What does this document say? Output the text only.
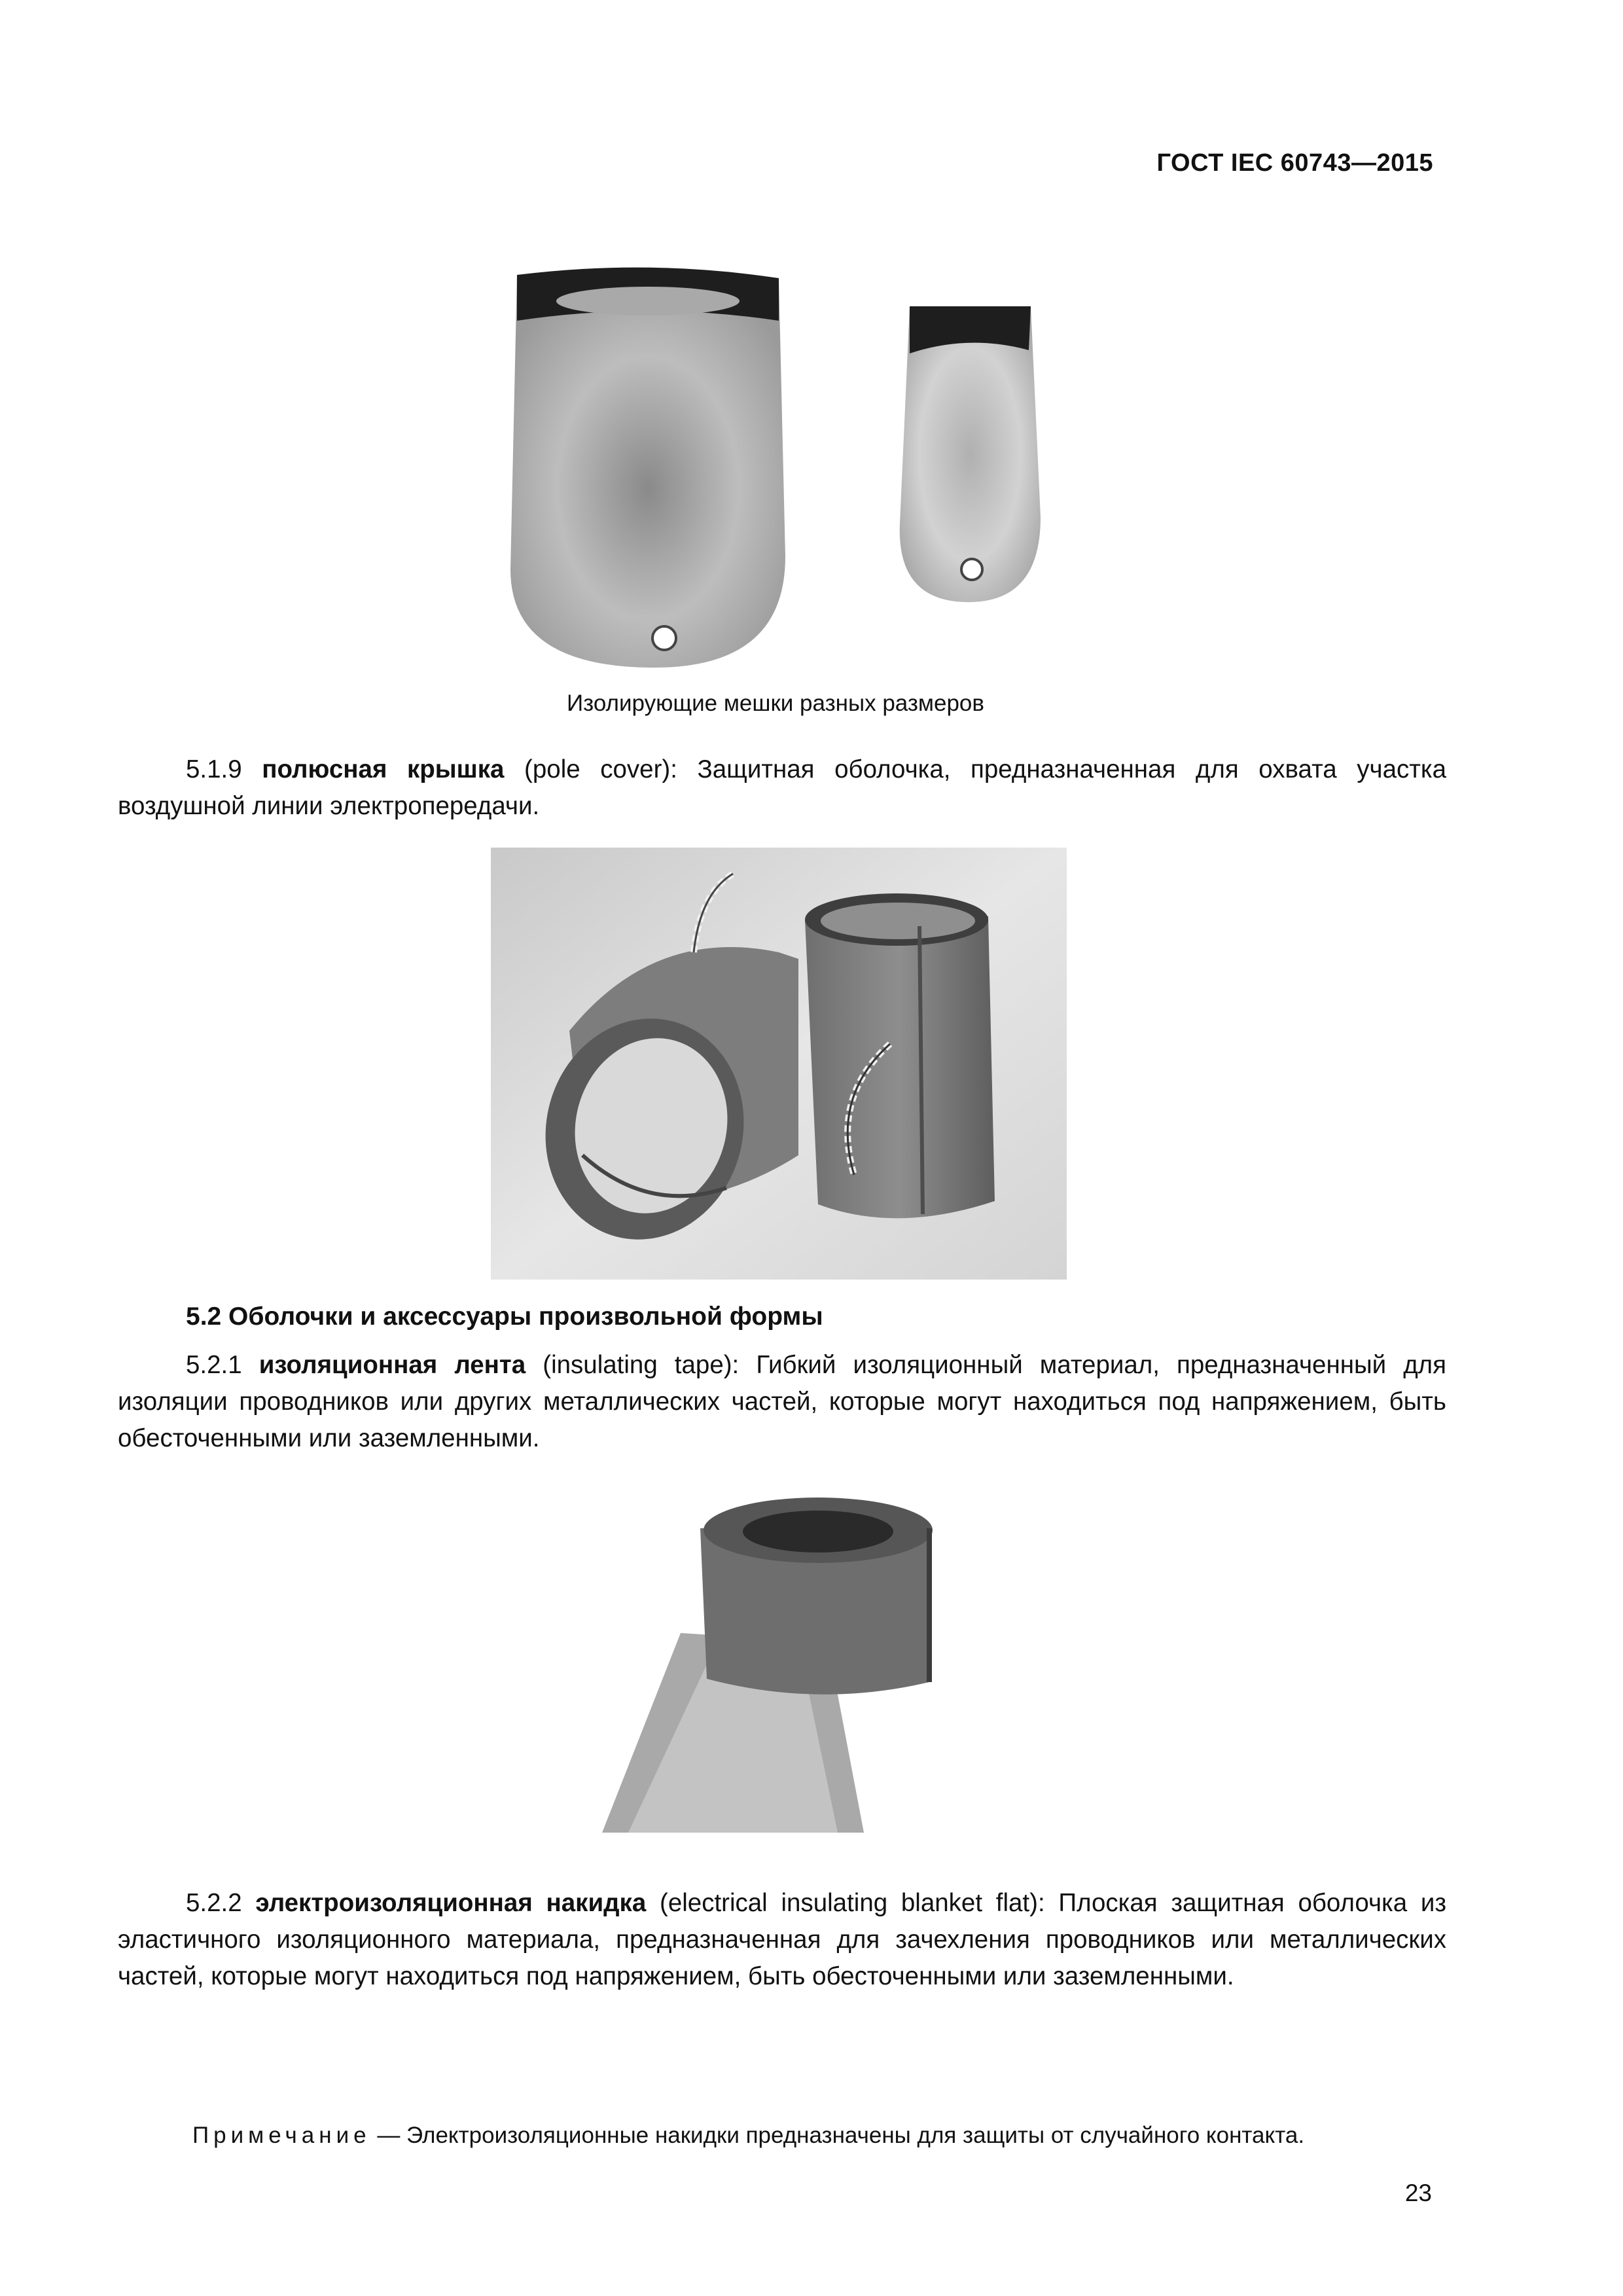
ГОСТ IEC 60743—2015
Изолирующие мешки разных размеров
5.1.9 полюсная крышка (pole cover): Защитная оболочка, предназначенная для охвата участка воздушной линии электропередачи.
5.2 Оболочки и аксессуары произвольной формы
5.2.1 изоляционная лента (insulating tape): Гибкий изоляционный материал, предназначенный для изоляции проводников или других металлических частей, которые могут находиться под напряжением, быть обесточенными или заземленными.
5.2.2 электроизоляционная накидка (electrical insulating blanket flat): Плоская защитная оболочка из эластичного изоляционного материала, предназначенная для зачехления проводников или металлических частей, которые могут находиться под напряжением, быть обесточенными или заземленными.
Примечание — Электроизоляционные накидки предназначены для защиты от случайного контакта.
23
